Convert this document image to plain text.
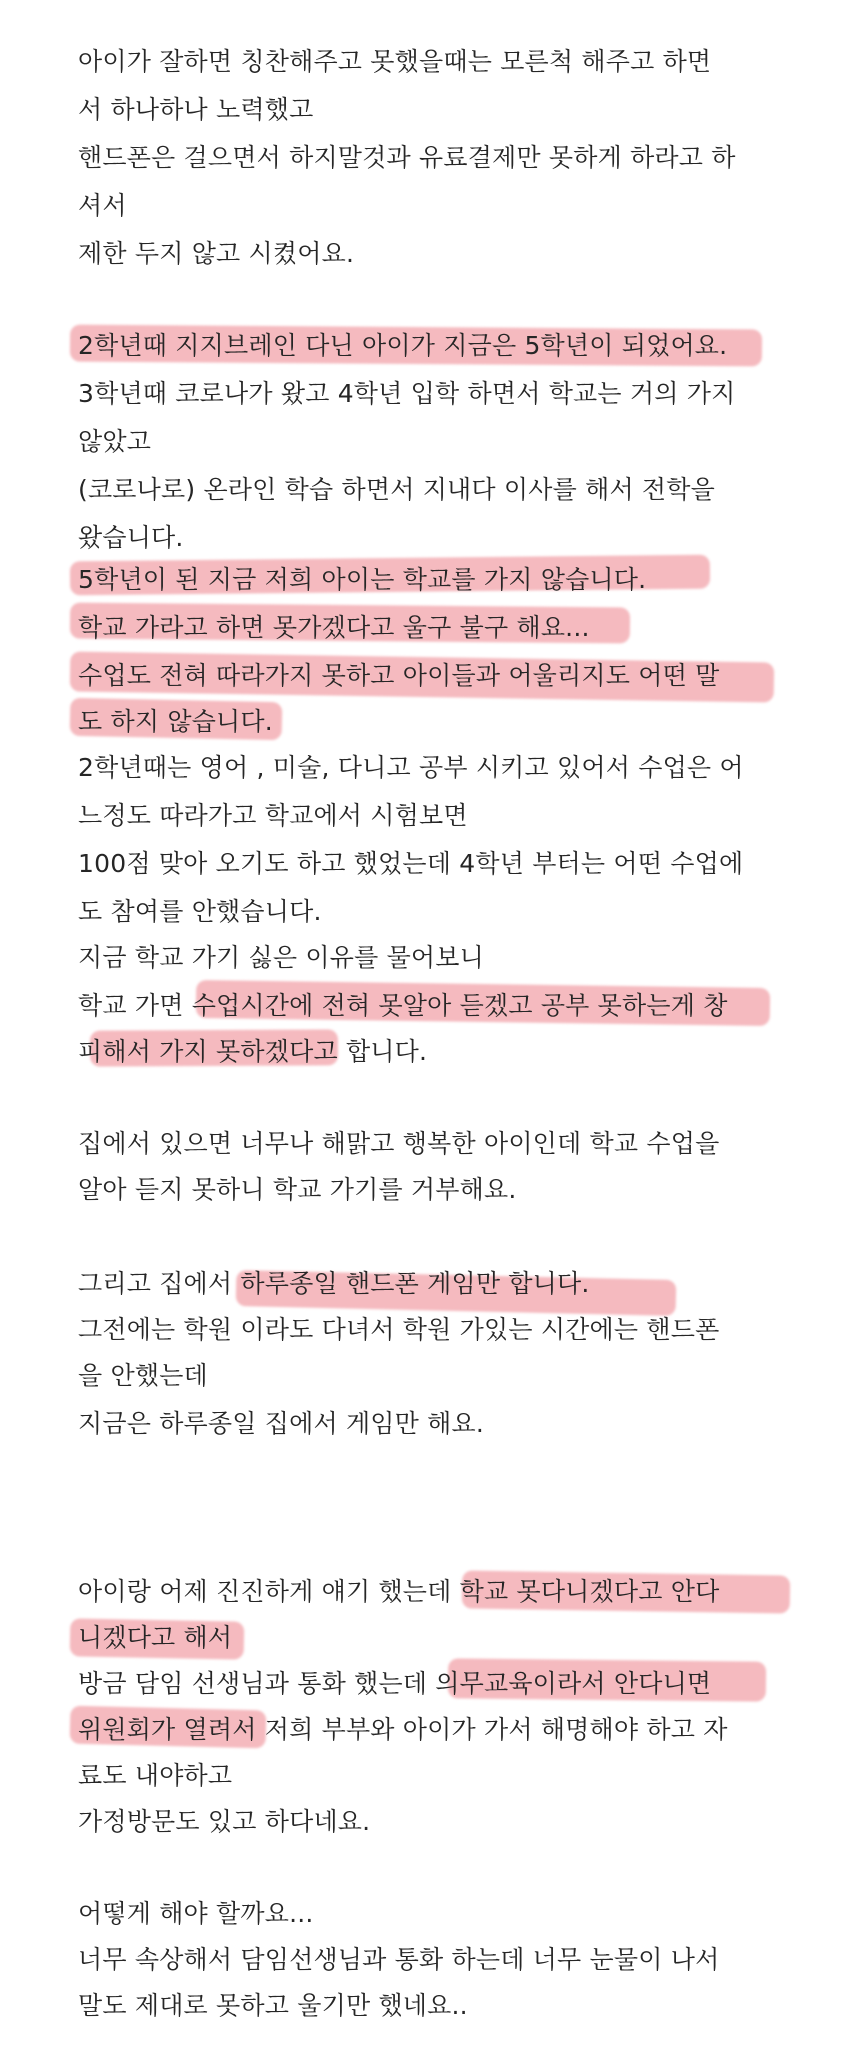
아이가 잘하면 칭찬해주고 못했을때는 모른척 해주고 하면
서 하나하나 노력했고
핸드폰은 걸으면서 하지말것과 유료결제만 못하게 하라고 하
셔서
제한 두지 않고 시켰어요.
2학년때 지지브레인 다닌 아이가 지금은 5학년이 되었어요.
3학년때 코로나가 왔고 4학년 입학 하면서 학교는 거의 가지
않았고
(코로나로) 온라인 학습 하면서 지내다 이사를 해서 전학을
왔습니다.
5학년이 된 지금 저희 아이는 학교를 가지 않습니다.
학교 가라고 하면 못가겠다고 울구 불구 해요...
수업도 전혀 따라가지 못하고 아이들과 어울리지도 어떤 말
도 하지 않습니다.
2학년때는 영어 , 미술, 다니고 공부 시키고 있어서 수업은 어
느정도 따라가고 학교에서 시험보면
100점 맞아 오기도 하고 했었는데 4학년 부터는 어떤 수업에
도 참여를 안했습니다.
지금 학교 가기 싫은 이유를 물어보니
학교 가면 수업시간에 전혀 못알아 듣겠고 공부 못하는게 창
피해서 가지 못하겠다고 합니다.
집에서 있으면 너무나 해맑고 행복한 아이인데 학교 수업을
알아 듣지 못하니 학교 가기를 거부해요.
그리고 집에서 하루종일 핸드폰 게임만 합니다.
그전에는 학원 이라도 다녀서 학원 가있는 시간에는 핸드폰
을 안했는데
지금은 하루종일 집에서 게임만 해요.
아이랑 어제 진진하게 얘기 했는데 학교 못다니겠다고 안다
니겠다고 해서
방금 담임 선생님과 통화 했는데 의무교육이라서 안다니면
위원회가 열려서 저희 부부와 아이가 가서 해명해야 하고 자
료도 내야하고
가정방문도 있고 하다네요.
어떻게 해야 할까요...
너무 속상해서 담임선생님과 통화 하는데 너무 눈물이 나서
말도 제대로 못하고 울기만 했네요..
